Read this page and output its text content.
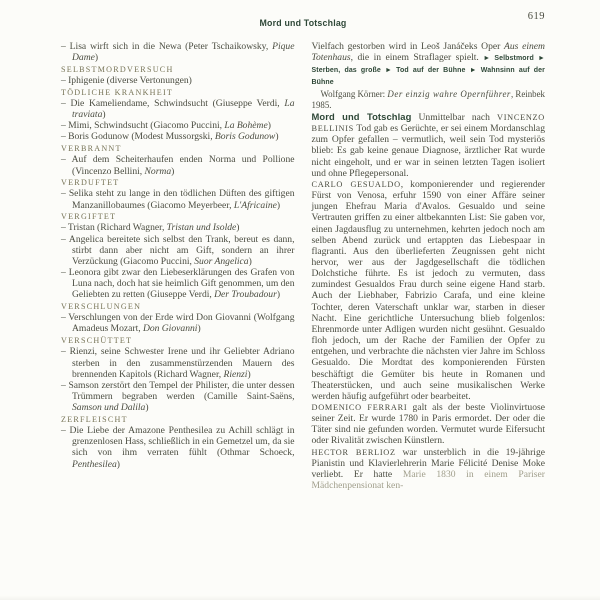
Mord und Totschlag
619
– Lisa wirft sich in die Newa (Peter Tschaikowsky, Pique Dame)
SELBSTMORDVERSUCH
– Iphigenie (diverse Vertonungen)
TÖDLICHE KRANKHEIT
– Die Kameliendame, Schwindsucht (Giuseppe Verdi, La traviata)
– Mimi, Schwindsucht (Giacomo Puccini, La Bohème)
– Boris Godunow (Modest Mussorgski, Boris Godunow)
VERBRANNT
– Auf dem Scheiterhaufen enden Norma und Pollione (Vincenzo Bellini, Norma)
VERDUFTET
– Selika steht zu lange in den tödlichen Düften des giftigen Manzanillobaumes (Giacomo Meyerbeer, L'Africaine)
VERGIFTET
– Tristan (Richard Wagner, Tristan und Isolde)
– Angelica bereitete sich selbst den Trank, bereut es dann, stirbt dann aber nicht am Gift, sondern an ihrer Verzückung (Giacomo Puccini, Suor Angelica)
– Leonora gibt zwar den Liebeserklärungen des Grafen von Luna nach, doch hat sie heimlich Gift genommen, um den Geliebten zu retten (Giuseppe Verdi, Der Troubadour)
VERSCHLUNGEN
– Verschlungen von der Erde wird Don Giovanni (Wolfgang Amadeus Mozart, Don Giovanni)
VERSCHÜTTET
– Rienzi, seine Schwester Irene und ihr Geliebter Adriano sterben in den zusammenstürzenden Mauern des brennenden Kapitols (Richard Wagner, Rienzi)
– Samson zerstört den Tempel der Philister, die unter dessen Trümmern begraben werden (Camille Saint-Saëns, Samson und Dalila)
ZERFLEISCHT
– Die Liebe der Amazone Penthesilea zu Achill schlägt in grenzenlosen Hass, schließlich in ein Gemetzel um, da sie sich von ihm verraten fühlt (Othmar Schoeck, Penthesilea)
Vielfach gestorben wird in Leoš Janáčeks Oper Aus einem Totenhaus, die in einem Straflager spielt. ► Selbstmord ► Sterben, das große ► Tod auf der Bühne ► Wahnsinn auf der Bühne
Wolfgang Körner: Der einzig wahre Opernführer, Reinbek 1985.
Mord und Totschlag Unmittelbar nach VINCENZO BELLINIS Tod gab es Gerüchte, er sei einem Mordanschlag zum Opfer gefallen – vermutlich, weil sein Tod mysteriös blieb: Es gab keine genaue Diagnose, ärztlicher Rat wurde nicht eingeholt, und er war in seinen letzten Tagen isoliert und ohne Pflegepersonal.
CARLO GESUALDO, komponierender und regierender Fürst von Venosa, erfuhr 1590 von einer Affäre seiner jungen Ehefrau Maria d'Avalos. Gesualdo und seine Vertrauten griffen zu einer altbekannten List: Sie gaben vor, einen Jagdausflug zu unternehmen, kehrten jedoch noch am selben Abend zurück und ertappten das Liebespaar in flagranti. Aus den überlieferten Zeugnissen geht nicht hervor, wer aus der Jagdgesellschaft die tödlichen Dolchstiche führte. Es ist jedoch zu vermuten, dass zumindest Gesualdos Frau durch seine eigene Hand starb. Auch der Liebhaber, Fabrizio Carafa, und eine kleine Tochter, deren Vaterschaft unklar war, starben in dieser Nacht. Eine gerichtliche Untersuchung blieb folgenlos: Ehrenmorde unter Adligen wurden nicht gesühnt. Gesualdo floh jedoch, um der Rache der Familien der Opfer zu entgehen, und verbrachte die nächsten vier Jahre im Schloss Gesualdo. Die Mordtat des komponierenden Fürsten beschäftigt die Gemüter bis heute in Romanen und Theaterstücken, und auch seine musikalischen Werke werden häufig aufgeführt oder bearbeitet.
DOMENICO FERRARI galt als der beste Violinvirtuose seiner Zeit. Er wurde 1780 in Paris ermordet. Der oder die Täter sind nie gefunden worden. Vermutet wurde Eifersucht oder Rivalität zwischen Künstlern.
HECTOR BERLIOZ war unsterblich in die 19-jährige Pianistin und Klavierlehrerin Marie Félicité Denise Moke verliebt. Er hatte Marie 1830 in einem Pariser Mädchenpensionat ken-
